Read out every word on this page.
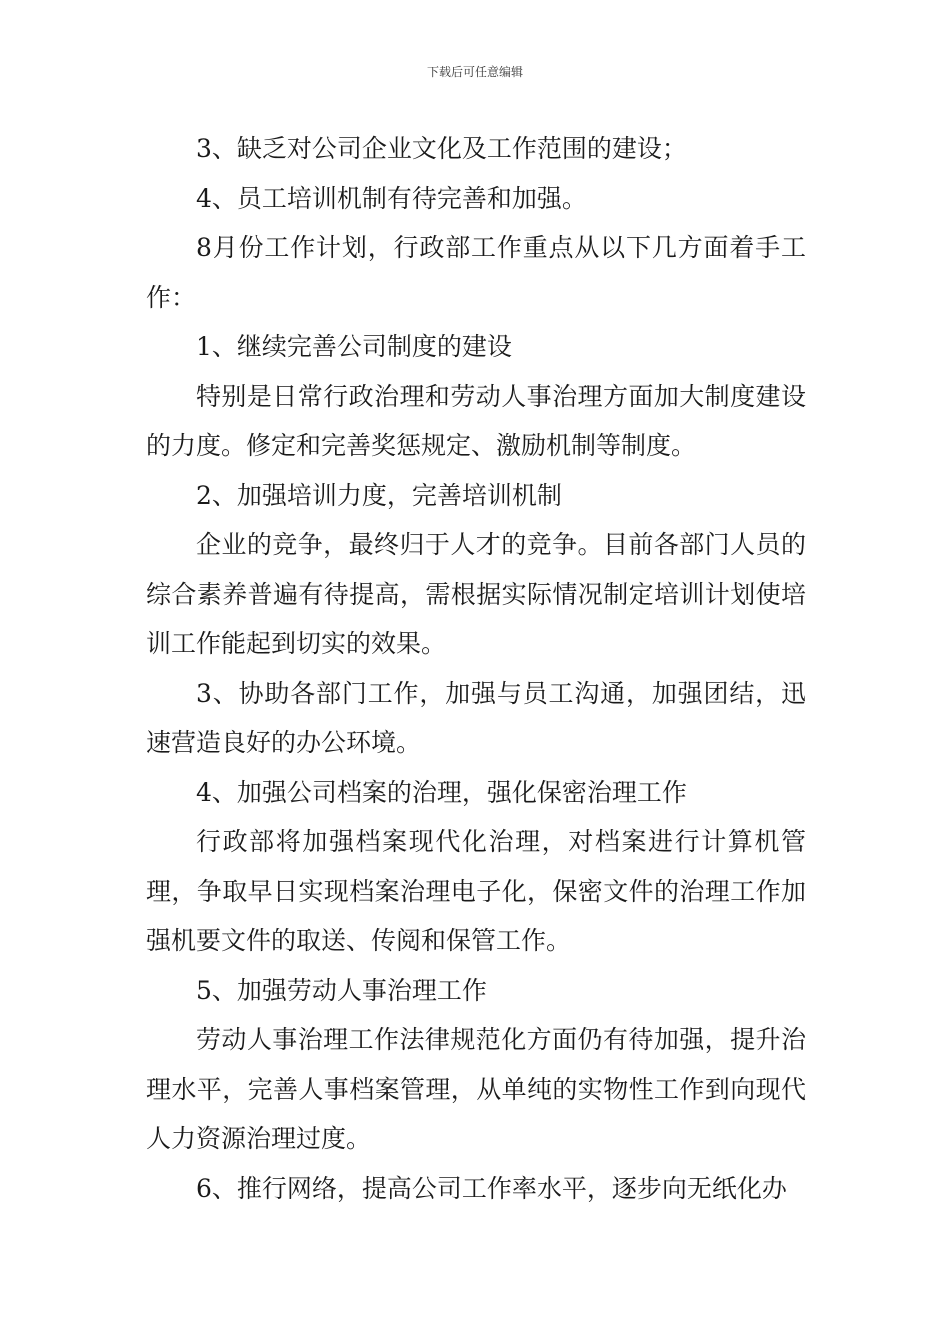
下载后可任意编辑

3、缺乏对公司企业文化及工作范围的建设；

4、员工培训机制有待完善和加强。

8月份工作计划，行政部工作重点从以下几方面着手工作：

1、继续完善公司制度的建设

特别是日常行政治理和劳动人事治理方面加大制度建设的力度。修定和完善奖惩规定、激励机制等制度。

2、加强培训力度，完善培训机制

企业的竞争，最终归于人才的竞争。目前各部门人员的综合素养普遍有待提高，需根据实际情况制定培训计划使培训工作能起到切实的效果。

3、协助各部门工作，加强与员工沟通，加强团结，迅速营造良好的办公环境。

4、加强公司档案的治理，强化保密治理工作

行政部将加强档案现代化治理，对档案进行计算机管理，争取早日实现档案治理电子化，保密文件的治理工作加强机要文件的取送、传阅和保管工作。

5、加强劳动人事治理工作

劳动人事治理工作法律规范化方面仍有待加强，提升治理水平，完善人事档案管理，从单纯的实物性工作到向现代人力资源治理过度。

6、推行网络，提高公司工作率水平，逐步向无纸化办
